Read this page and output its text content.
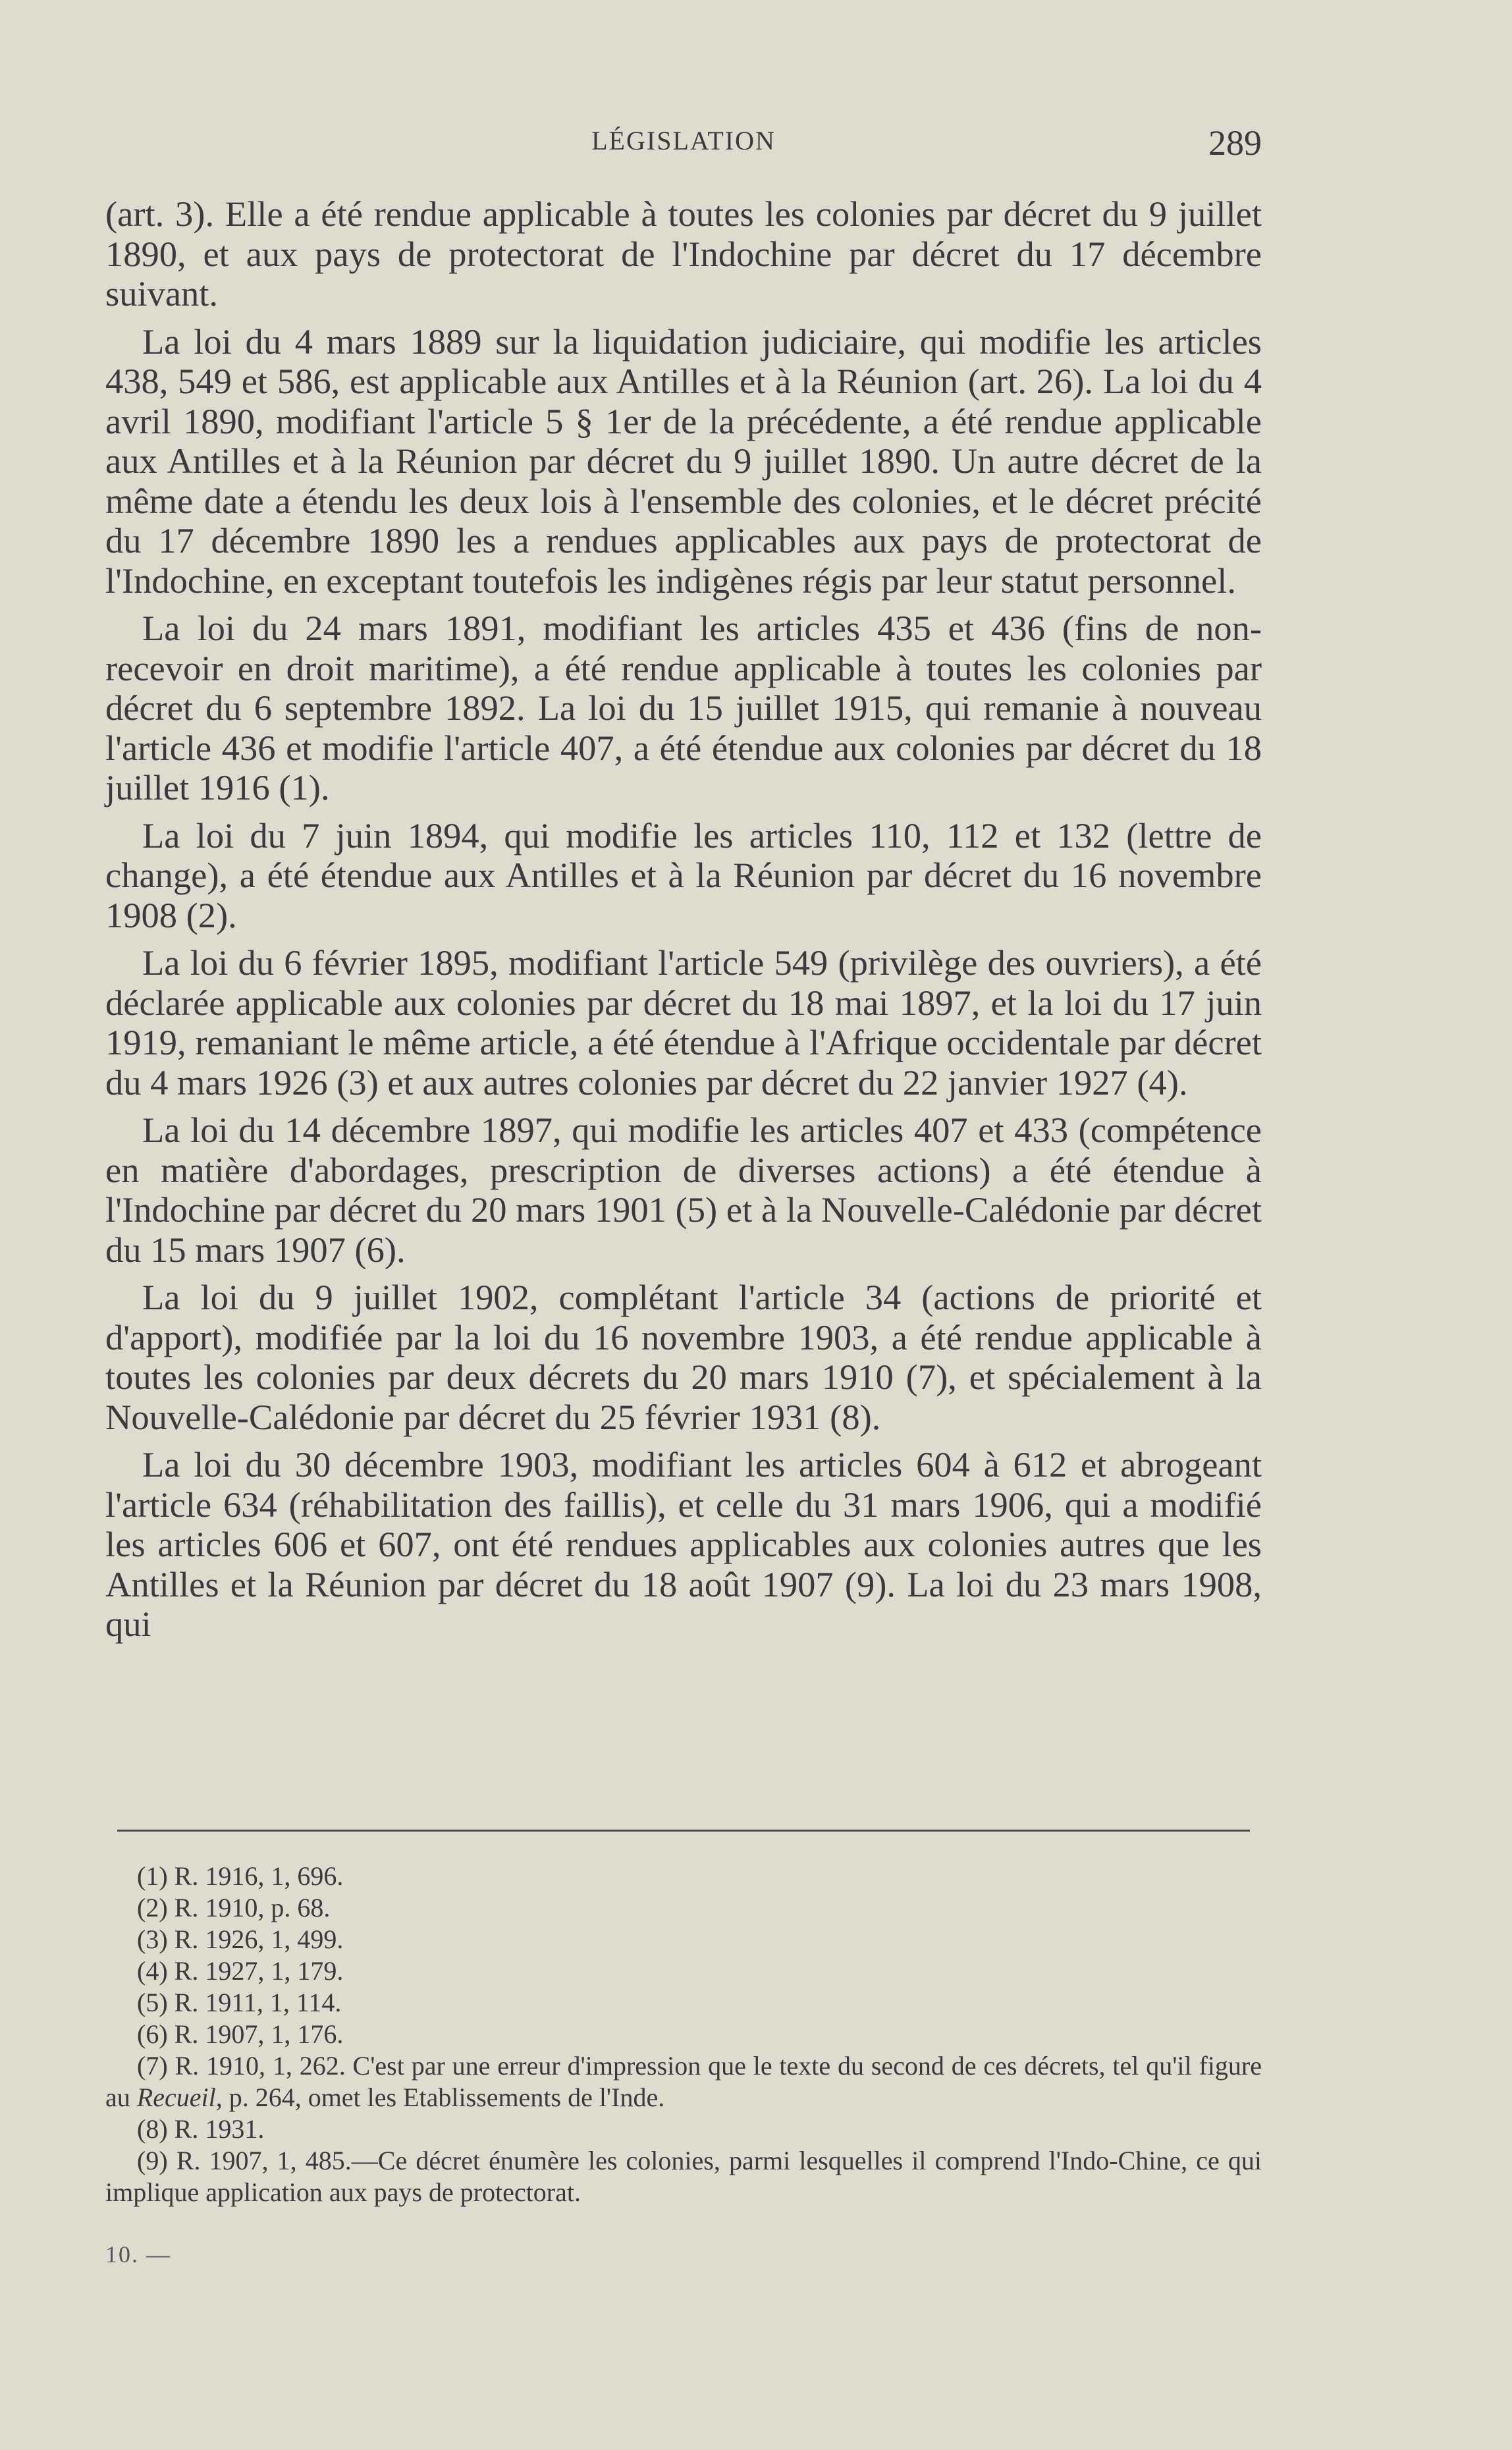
LÉGISLATION	289

(art. 3). Elle a été rendue applicable à toutes les colonies par décret du 9 juillet 1890, et aux pays de protectorat de l'Indochine par décret du 17 décembre suivant.

La loi du 4 mars 1889 sur la liquidation judiciaire, qui modifie les articles 438, 549 et 586, est applicable aux Antilles et à la Réunion (art. 26). La loi du 4 avril 1890, modifiant l'article 5 § 1er de la précédente, a été rendue applicable aux Antilles et à la Réunion par décret du 9 juillet 1890. Un autre décret de la même date a étendu les deux lois à l'ensemble des colonies, et le décret précité du 17 décembre 1890 les a rendues applicables aux pays de protectorat de l'Indochine, en exceptant toutefois les indigènes régis par leur statut personnel.

La loi du 24 mars 1891, modifiant les articles 435 et 436 (fins de non-recevoir en droit maritime), a été rendue applicable à toutes les colonies par décret du 6 septembre 1892. La loi du 15 juillet 1915, qui remanie à nouveau l'article 436 et modifie l'article 407, a été étendue aux colonies par décret du 18 juillet 1916 (1).

La loi du 7 juin 1894, qui modifie les articles 110, 112 et 132 (lettre de change), a été étendue aux Antilles et à la Réunion par décret du 16 novembre 1908 (2).

La loi du 6 février 1895, modifiant l'article 549 (privilège des ouvriers), a été déclarée applicable aux colonies par décret du 18 mai 1897, et la loi du 17 juin 1919, remaniant le même article, a été étendue à l'Afrique occidentale par décret du 4 mars 1926 (3) et aux autres colonies par décret du 22 janvier 1927 (4).

La loi du 14 décembre 1897, qui modifie les articles 407 et 433 (compétence en matière d'abordages, prescription de diverses actions) a été étendue à l'Indochine par décret du 20 mars 1901 (5) et à la Nouvelle-Calédonie par décret du 15 mars 1907 (6).

La loi du 9 juillet 1902, complétant l'article 34 (actions de priorité et d'apport), modifiée par la loi du 16 novembre 1903, a été rendue applicable à toutes les colonies par deux décrets du 20 mars 1910 (7), et spécialement à la Nouvelle-Calédonie par décret du 25 février 1931 (8).

La loi du 30 décembre 1903, modifiant les articles 604 à 612 et abrogeant l'article 634 (réhabilitation des faillis), et celle du 31 mars 1906, qui a modifié les articles 606 et 607, ont été rendues applicables aux colonies autres que les Antilles et la Réunion par décret du 18 août 1907 (9). La loi du 23 mars 1908, qui

(1) R. 1916, 1, 696.

(2) R. 1910, p. 68.

(3) R. 1926, 1, 499.

(4) R. 1927, 1, 179.

(5) R. 1911, 1, 114.

(6) R. 1907, 1, 176.

(7) R. 1910, 1, 262. C'est par une erreur d'impression que le texte du second de ces décrets, tel qu'il figure au Recueil, p. 264, omet les Etablissements de l'Inde.

(8) R. 1931.

(9) R. 1907, 1, 485.—Ce décret énumère les colonies, parmi lesquelles il comprend l'Indo-Chine, ce qui implique application aux pays de protectorat.

10. —
